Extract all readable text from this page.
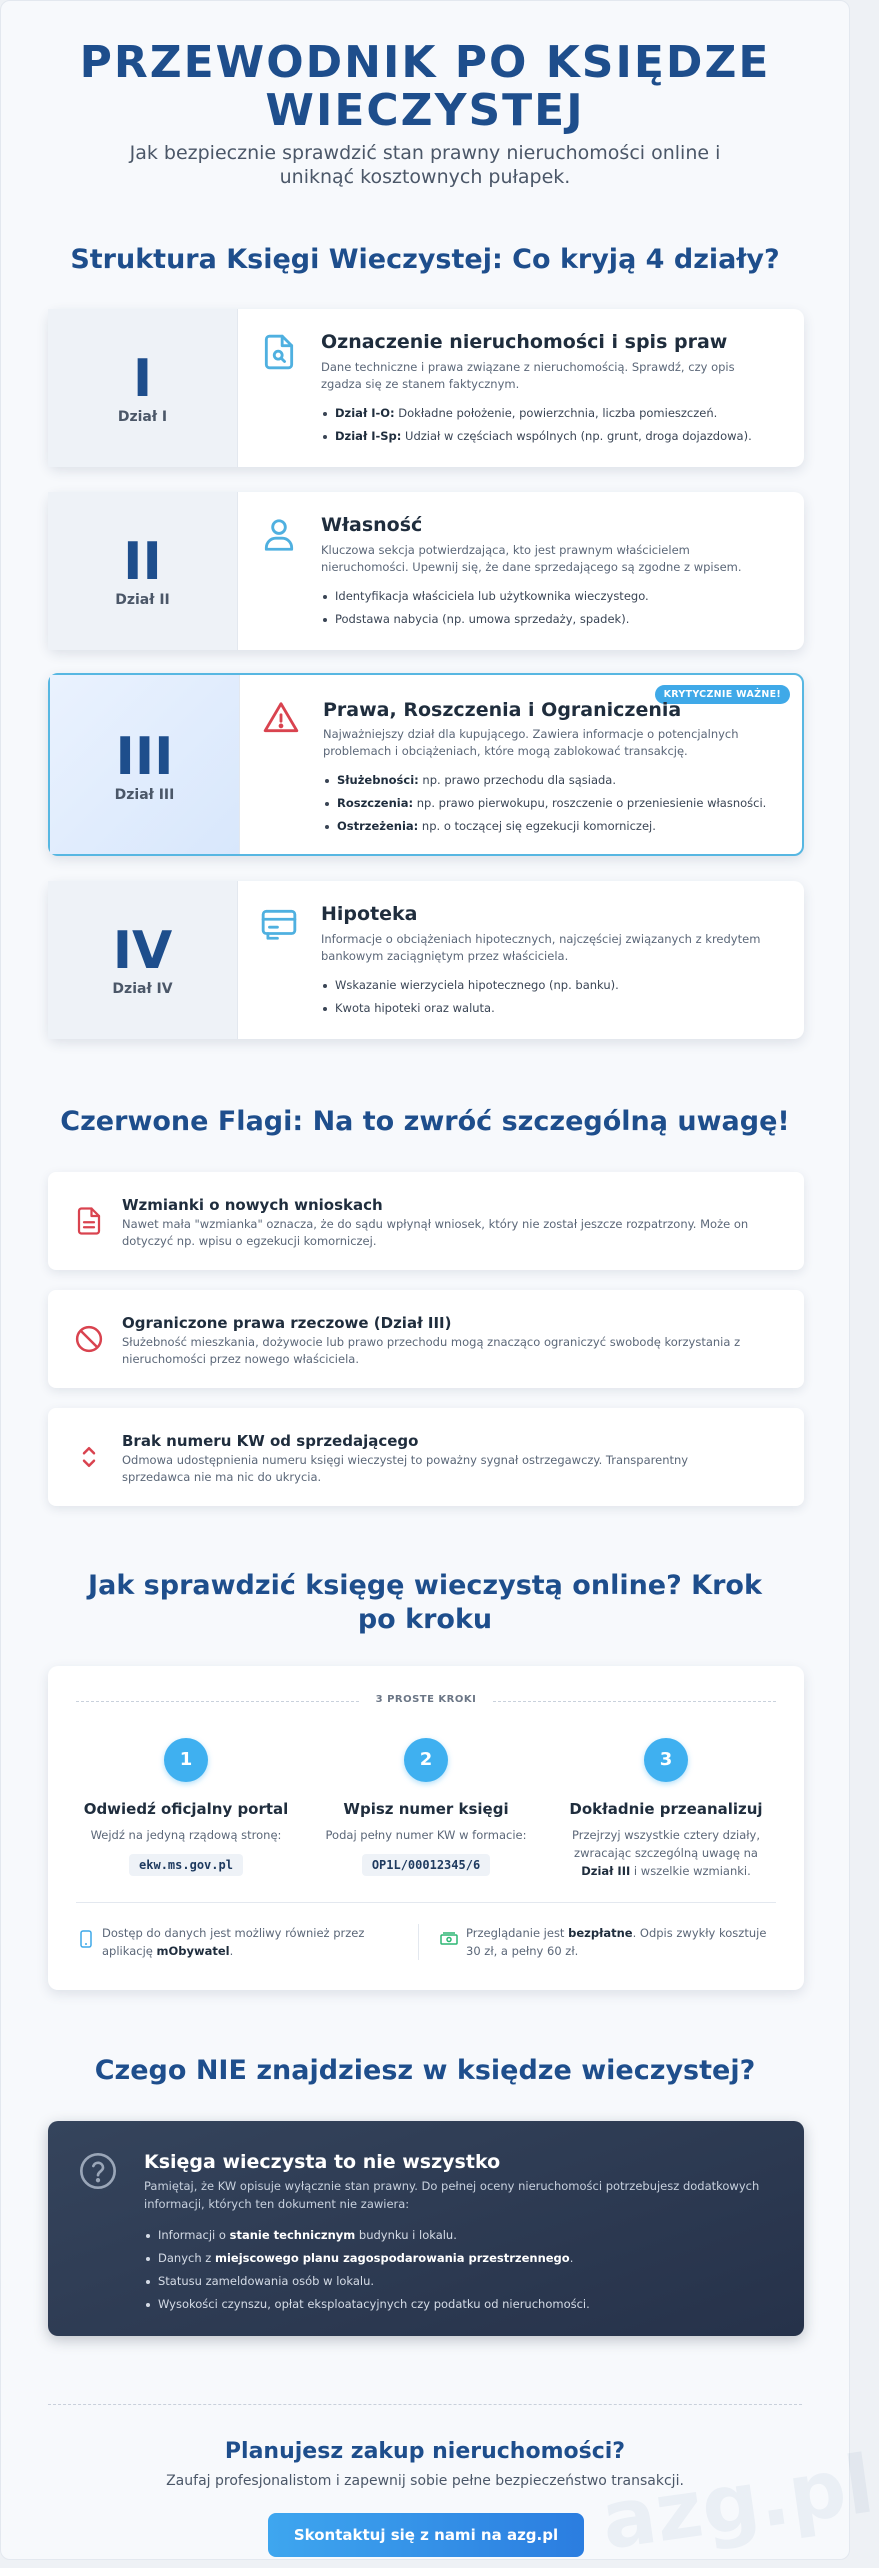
PRZEWODNIK PO KSIĘDZE WIECZYSTEJ

Jak bezpiecznie sprawdzić stan prawny nieruchomości online i uniknąć kosztownych pułapek.

Struktura Księgi Wieczystej: Co kryją 4 działy?
I
Dział I
Oznaczenie nieruchomości i spis praw
Dane techniczne i prawa związane z nieruchomością. Sprawdź, czy opis zgadza się ze stanem faktycznym.
Dział I-O: Dokładne położenie, powierzchnia, liczba pomieszczeń.
Dział I-Sp: Udział w częściach wspólnych (np. grunt, droga dojazdowa).
II
Dział II
Własność
Kluczowa sekcja potwierdzająca, kto jest prawnym właścicielem nieruchomości. Upewnij się, że dane sprzedającego są zgodne z wpisem.
Identyfikacja właściciela lub użytkownika wieczystego.
Podstawa nabycia (np. umowa sprzedaży, spadek).
III
Dział III
KRYTYCZNIE WAŻNE!
Prawa, Roszczenia i Ograniczenia
Najważniejszy dział dla kupującego. Zawiera informacje o potencjalnych problemach i obciążeniach, które mogą zablokować transakcję.
Służebności: np. prawo przechodu dla sąsiada.
Roszczenia: np. prawo pierwokupu, roszczenie o przeniesienie własności.
Ostrzeżenia: np. o toczącej się egzekucji komorniczej.
IV
Dział IV
Hipoteka
Informacje o obciążeniach hipotecznych, najczęściej związanych z kredytem bankowym zaciągniętym przez właściciela.
Wskazanie wierzyciela hipotecznego (np. banku).
Kwota hipoteki oraz waluta.
Czerwone Flagi: Na to zwróć szczególną uwagę!
Wzmianki o nowych wnioskach
Nawet mała "wzmianka" oznacza, że do sądu wpłynął wniosek, który nie został jeszcze rozpatrzony. Może on dotyczyć np. wpisu o egzekucji komorniczej.
Ograniczone prawa rzeczowe (Dział III)
Służebność mieszkania, dożywocie lub prawo przechodu mogą znacząco ograniczyć swobodę korzystania z nieruchomości przez nowego właściciela.
Brak numeru KW od sprzedającego
Odmowa udostępnienia numeru księgi wieczystej to poważny sygnał ostrzegawczy. Transparentny sprzedawca nie ma nic do ukrycia.
Jak sprawdzić księgę wieczystą online? Krok po kroku
3 PROSTE KROKI
1
Odwiedź oficjalny portal
Wejdź na jedyną rządową stronę:
ekw.ms.gov.pl
2
Wpisz numer księgi
Podaj pełny numer KW w formacie:
OP1L/00012345/6
3
Dokładnie przeanalizuj
Przejrzyj wszystkie cztery działy, zwracając szczególną uwagę na Dział III i wszelkie wzmianki.
Dostęp do danych jest możliwy również przez aplikację mObywatel.
Przeglądanie jest bezpłatne. Odpis zwykły kosztuje 30 zł, a pełny 60 zł.
Czego NIE znajdziesz w księdze wieczystej?
Księga wieczysta to nie wszystko
Pamiętaj, że KW opisuje wyłącznie stan prawny. Do pełnej oceny nieruchomości potrzebujesz dodatkowych informacji, których ten dokument nie zawiera:
Informacji o stanie technicznym budynku i lokalu.
Danych z miejscowego planu zagospodarowania przestrzennego.
Statusu zameldowania osób w lokalu.
Wysokości czynszu, opłat eksploatacyjnych czy podatku od nieruchomości.
azg.pl
Planujesz zakup nieruchomości?

Zaufaj profesjonalistom i zapewnij sobie pełne bezpieczeństwo transakcji.

Skontaktuj się z nami na azg.pl
